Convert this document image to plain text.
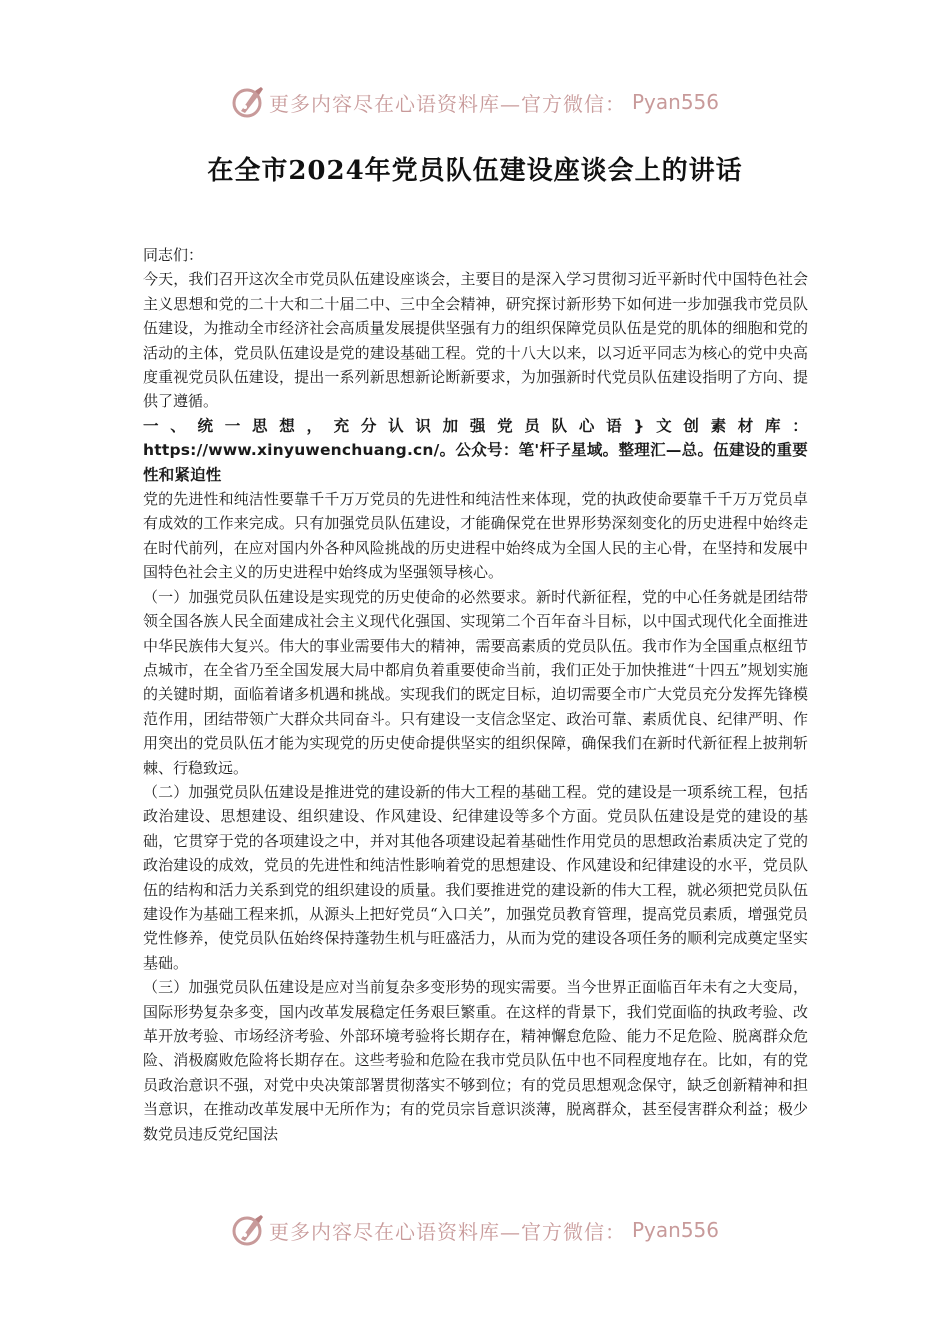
更多内容尽在心语资料库—官方微信： Pyan556
在全市2024年党员队伍建设座谈会上的讲话

同志们：

今天，我们召开这次全市党员队伍建设座谈会，主要目的是深入学习贯彻习近平新时代中国特色社会主义思想和党的二十大和二十届二中、三中全会精神，研究探讨新形势下如何进一步加强我市党员队伍建设，为推动全市经济社会高质量发展提供坚强有力的组织保障党员队伍是党的肌体的细胞和党的活动的主体，党员队伍建设是党的建设基础工程。党的十八大以来，以习近平同志为核心的党中央高度重视党员队伍建设，提出一系列新思想新论断新要求，为加强新时代党员队伍建设指明了方向、提供了遵循。

一、统一思想，充分认识加强党员队心语}文创素材库：https://www.xinyuwenchuang.cn/。公众号：笔'杆子星域。整理汇—总。伍建设的重要性和紧迫性

党的先进性和纯洁性要靠千千万万党员的先进性和纯洁性来体现，党的执政使命要靠千千万万党员卓有成效的工作来完成。只有加强党员队伍建设，才能确保党在世界形势深刻变化的历史进程中始终走在时代前列，在应对国内外各种风险挑战的历史进程中始终成为全国人民的主心骨，在坚持和发展中国特色社会主义的历史进程中始终成为坚强领导核心。

（一）加强党员队伍建设是实现党的历史使命的必然要求。新时代新征程，党的中心任务就是团结带领全国各族人民全面建成社会主义现代化强国、实现第二个百年奋斗目标，以中国式现代化全面推进中华民族伟大复兴。伟大的事业需要伟大的精神，需要高素质的党员队伍。我市作为全国重点枢纽节点城市，在全省乃至全国发展大局中都肩负着重要使命当前，我们正处于加快推进“十四五”规划实施的关键时期，面临着诸多机遇和挑战。实现我们的既定目标，迫切需要全市广大党员充分发挥先锋模范作用，团结带领广大群众共同奋斗。只有建设一支信念坚定、政治可靠、素质优良、纪律严明、作用突出的党员队伍才能为实现党的历史使命提供坚实的组织保障，确保我们在新时代新征程上披荆斩棘、行稳致远。

（二）加强党员队伍建设是推进党的建设新的伟大工程的基础工程。党的建设是一项系统工程，包括政治建设、思想建设、组织建设、作风建设、纪律建设等多个方面。党员队伍建设是党的建设的基础，它贯穿于党的各项建设之中，并对其他各项建设起着基础性作用党员的思想政治素质决定了党的政治建设的成效，党员的先进性和纯洁性影响着党的思想建设、作风建设和纪律建设的水平，党员队伍的结构和活力关系到党的组织建设的质量。我们要推进党的建设新的伟大工程，就必须把党员队伍建设作为基础工程来抓，从源头上把好党员“入口关”，加强党员教育管理，提高党员素质，增强党员党性修养，使党员队伍始终保持蓬勃生机与旺盛活力，从而为党的建设各项任务的顺利完成奠定坚实基础。

（三）加强党员队伍建设是应对当前复杂多变形势的现实需要。当今世界正面临百年未有之大变局，国际形势复杂多变，国内改革发展稳定任务艰巨繁重。在这样的背景下，我们党面临的执政考验、改革开放考验、市场经济考验、外部环境考验将长期存在，精神懈怠危险、能力不足危险、脱离群众危险、消极腐败危险将长期存在。这些考验和危险在我市党员队伍中也不同程度地存在。比如，有的党员政治意识不强，对党中央决策部署贯彻落实不够到位；有的党员思想观念保守，缺乏创新精神和担当意识，在推动改革发展中无所作为；有的党员宗旨意识淡薄，脱离群众，甚至侵害群众利益；极少数党员违反党纪国法

更多内容尽在心语资料库—官方微信： Pyan556
